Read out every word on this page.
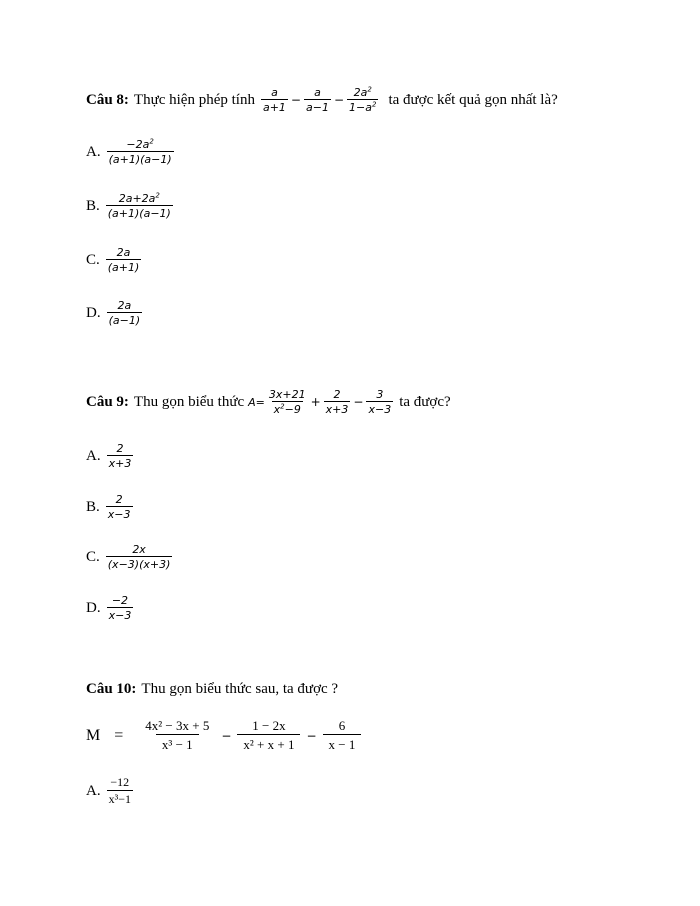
Câu 8: Thực hiện phép tính $\frac{a}{a+1} - \frac{a}{a-1} - \frac{2a^2}{1-a^2}$ ta được kết quả gọn nhất là?
A. $\frac{-2a^2}{(a+1)(a-1)}$
B. $\frac{2a+2a^2}{(a+1)(a-1)}$
C. $\frac{2a}{(a+1)}$
D. $\frac{2a}{(a-1)}$
Câu 9: Thu gọn biểu thức $A= \frac{3x+21}{x^2-9} + \frac{2}{x+3} - \frac{3}{x-3}$ ta được?
A. $\frac{2}{x+3}$
B. $\frac{2}{x-3}$
C. $\frac{2x}{(x-3)(x+3)}$
D. $\frac{-2}{x-3}$
Câu 10: Thu gọn biểu thức sau, ta được ?
$M = \frac{\text{4x² − 3x + 5}}{\text{x³ − 1}} - \frac{1 - 2x}{\text{x² + x + 1}} - \frac{6}{x - 1}$
A. $\frac{-12}{\text{x³−1}}$
